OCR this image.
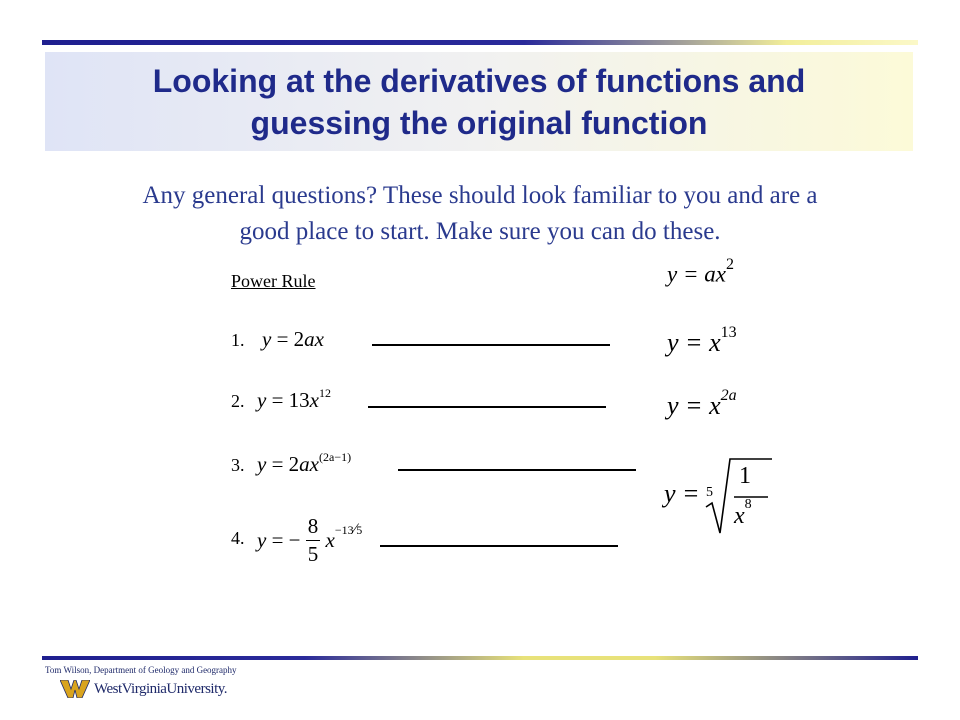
Looking at the derivatives of functions and
guessing the original function

Any general questions? These should look familiar to you and are a
good place to start. Make sure you can do these.

Power Rule
1. y = 2ax
2. $y = 13x^{12}$
3. $y = 2ax^{(2a-1)}$
4. y
= −
$\frac{8}{5}$
x −13⁄5
$y = ax^2$
$y = x^{13}$
$y = x^{2a}$
y = 5
1
$x^8$
Tom Wilson, Department of Geology and Geography
WestVirginiaUniversity.
